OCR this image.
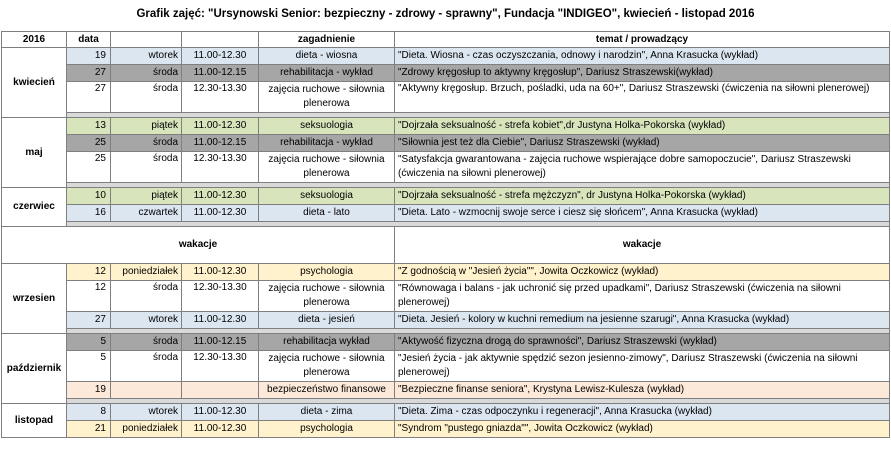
Grafik zajęć: "Ursynowski Senior: bezpieczny - zdrowy - sprawny", Fundacja "INDIGEO", kwiecień - listopad 2016
2016	data			zagadnienie	temat / prowadzący
kwiecień	19	wtorek	11.00-12.30	dieta - wiosna	"Dieta. Wiosna - czas oczyszczania, odnowy i narodzin", Anna Krasucka (wykład)
	27	środa	11.00-12.15	rehabilitacja - wykład	"Zdrowy kręgosłup to aktywny kręgosłup", Dariusz Straszewski(wykład)
	27	środa	12.30-13.30	zajęcia ruchowe - siłownia plenerowa	"Aktywny kręgosłup. Brzuch, pośladki, uda na 60+", Dariusz Straszewski (ćwiczenia na siłowni plenerowej)

maj	13	piątek	11.00-12.30	seksuologia	"Dojrzała seksualność - strefa kobiet",dr Justyna Holka-Pokorska (wykład)
	25	środa	11.00-12.15	rehabilitacja - wykład	"Siłownia jest też dla Ciebie", Dariusz Straszewski (wykład)
	25	środa	12.30-13.30	zajęcia ruchowe - siłownia plenerowa	"Satysfakcja gwarantowana - zajęcia ruchowe wspierające dobre samopoczucie", Dariusz Straszewski (ćwiczenia na siłowni plenerowej)

czerwiec	10	piątek	11.00-12.30	seksuologia	"Dojrzała seksualność - strefa mężczyzn", dr Justyna Holka-Pokorska (wykład)
	16	czwartek	11.00-12.30	dieta - lato	"Dieta. Lato - wzmocnij swoje serce i ciesz się słońcem", Anna Krasucka (wykład)

wakacje					wakacje
wrzesien	12	poniedziałek	11.00-12.30	psychologia	"Z godnością w "Jesień życia"", Jowita Oczkowicz (wykład)
	12	środa	12.30-13.30	zajęcia ruchowe - siłownia plenerowa	"Równowaga i balans - jak uchronić się przed upadkami", Dariusz Straszewski (ćwiczenia na siłowni plenerowej)
	27	wtorek	11.00-12.30	dieta - jesień	"Dieta. Jesień - kolory w kuchni remedium na jesienne szarugi", Anna Krasucka (wykład)

październik	5	środa	11.00-12.15	rehabilitacja wykład	"Aktywość fizyczna drogą do sprawności", Dariusz Straszewski (wykład)
	5	środa	12.30-13.30	zajęcia ruchowe - siłownia plenerowa	"Jesień życia - jak aktywnie spędzić sezon jesienno-zimowy", Dariusz Straszewski (ćwiczenia na siłowni plenerowej)
	19			bezpieczeństwo finansowe	"Bezpieczne finanse seniora", Krystyna Lewisz-Kulesza (wykład)

listopad	8	wtorek	11.00-12.30	dieta - zima	"Dieta. Zima - czas odpoczynku i regeneracji", Anna Krasucka (wykład)
	21	poniedziałek	11.00-12.30	psychologia	"Syndrom "pustego gniazda"", Jowita Oczkowicz (wykład)
